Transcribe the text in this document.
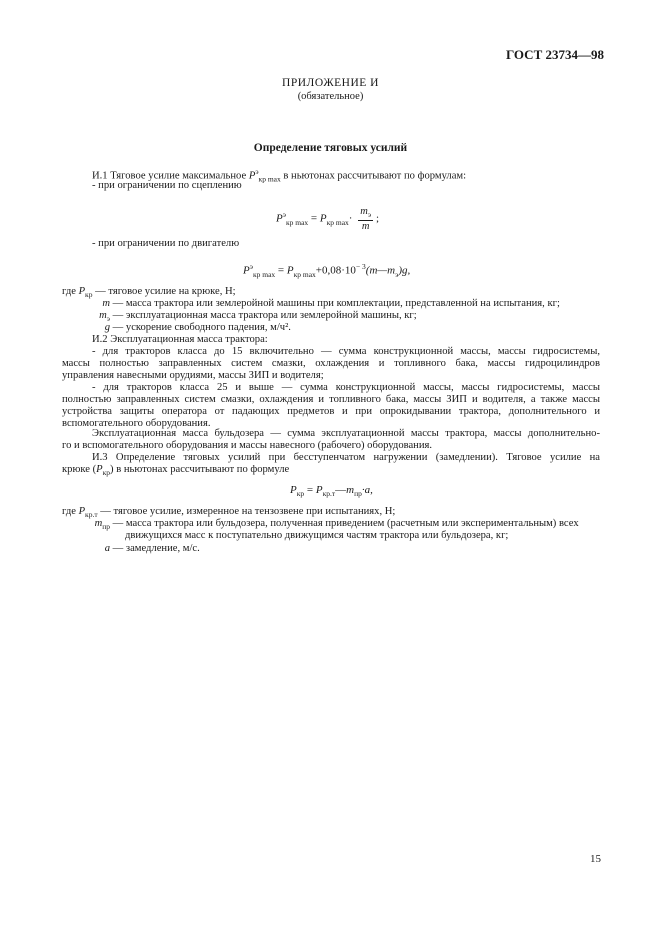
ГОСТ 23734—98
ПРИЛОЖЕНИЕ И
(обязательное)
Определение тяговых усилий
И.1 Тяговое усилие максимальное $P^э_{кр max}$ в ньютонах рассчитывают по формулам:
- при ограничении по сцеплению
$P^э_{кр max} = P_{кр max}\cdot \frac{m_э}{m}$ ;
- при ограничении по двигателю
$P^э_{кр max}$ = $P_{кр max}+0,08\cdot 10^{- 3}(m—m_э)g$,
где $P_{кр}$ — тяговое усилие на крюке, Н;
m — масса трактора или землеройной машины при комплектации, представленной на испытания, кг;
$m_э$ — эксплуатационная масса трактора или землеройной машины, кг;
g — ускорение свободного падения, м/ч².
И.2 Эксплуатационная масса трактора:
- для тракторов класса до 15 включительно — сумма конструкционной массы, массы гидросистемы,
массы полностью заправленных систем смазки, охлаждения и топливного бака, массы гидроцилиндров
управления навесными орудиями, массы ЗИП и водителя;
- для тракторов класса 25 и выше — сумма конструкционной массы, массы гидросистемы, массы
полностью заправленных систем смазки, охлаждения и топливного бака, массы ЗИП и водителя, а также массы
устройства защиты оператора от падающих предметов и при опрокидывании трактора, дополнительного и
вспомогательного оборудования.
Эксплуатационная масса бульдозера — сумма эксплуатационной массы трактора, массы дополнительно-
го и вспомогательного оборудования и массы навесного (рабочего) оборудования.
И.3 Определение тяговых усилий при бесступенчатом нагружении (замедлении). Тяговое усилие на
крюке $(P_{кр})$ в ньютонах рассчитывают по формуле
$P_{кр}$ = $P_{кр.т}—m_{пр}\cdot a$,
где $P_{кр.т}$ — тяговое усилие, измеренное на тензозвене при испытаниях, Н;
$m_{пр}$ — масса трактора или бульдозера, полученная приведением (расчетным или экспериментальным) всех
движущихся масс к поступательно движущимся частям трактора или бульдозера, кг;
a — замедление, м/с.
15
